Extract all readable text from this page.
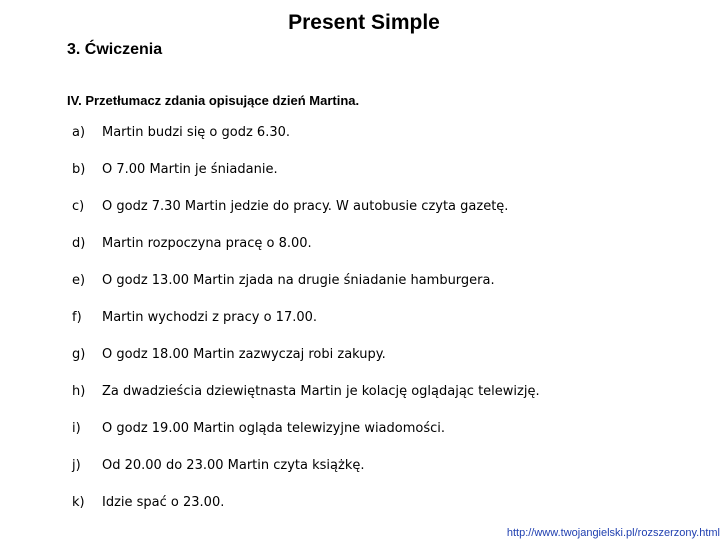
Present Simple
3. Ćwiczenia
IV. Przetłumacz zdania opisujące dzień Martina.
a) Martin budzi się o godz 6.30.
b) O 7.00 Martin je śniadanie.
c) O godz 7.30 Martin jedzie do pracy. W autobusie czyta gazetę.
d) Martin rozpoczyna pracę o 8.00.
e) O godz 13.00 Martin zjada na drugie śniadanie hamburgera.
f) Martin wychodzi z pracy o 17.00.
g) O godz 18.00 Martin zazwyczaj robi zakupy.
h) Za dwadzieścia dziewiętnasta Martin je kolację oglądając telewizję.
i) O godz 19.00 Martin ogląda telewizyjne wiadomości.
j) Od 20.00 do 23.00 Martin czyta książkę.
k) Idzie spać o 23.00.
http://www.twojangielski.pl/rozszerzony.html
